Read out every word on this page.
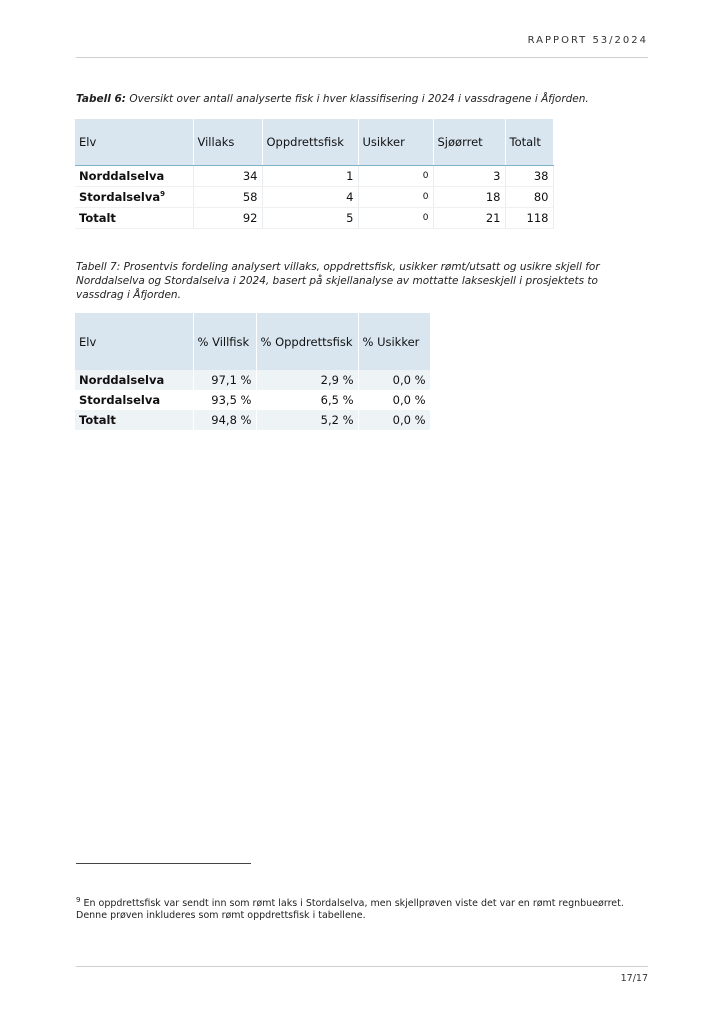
RAPPORT 53/2024
Tabell 6: Oversikt over antall analyserte fisk i hver klassifisering i 2024 i vassdragene i Åfjorden.
Elv	Villaks	Oppdrettsfisk	Usikker	Sjøørret	Totalt
Norddalselva	34	1	0	3	38
Stordalselva$^9$	58	4	0	18	80
Totalt	92	5	0	21	118
Tabell 7: Prosentvis fordeling analysert villaks, oppdrettsfisk, usikker rømt/utsatt og usikre skjell for Norddalselva og Stordalselva i 2024, basert på skjellanalyse av mottatte lakseskjell i prosjektets to vassdrag i Åfjorden.
Elv	% Villfisk	% Oppdrettsfisk	% Usikker
Norddalselva	97,1 %	2,9 %	0,0 %
Stordalselva	93,5 %	6,5 %	0,0 %
Totalt	94,8 %	5,2 %	0,0 %
$^9$ En oppdrettsfisk var sendt inn som rømt laks i Stordalselva, men skjellprøven viste det var en rømt regnbueørret. Denne prøven inkluderes som rømt oppdrettsfisk i tabellene.
17/17
